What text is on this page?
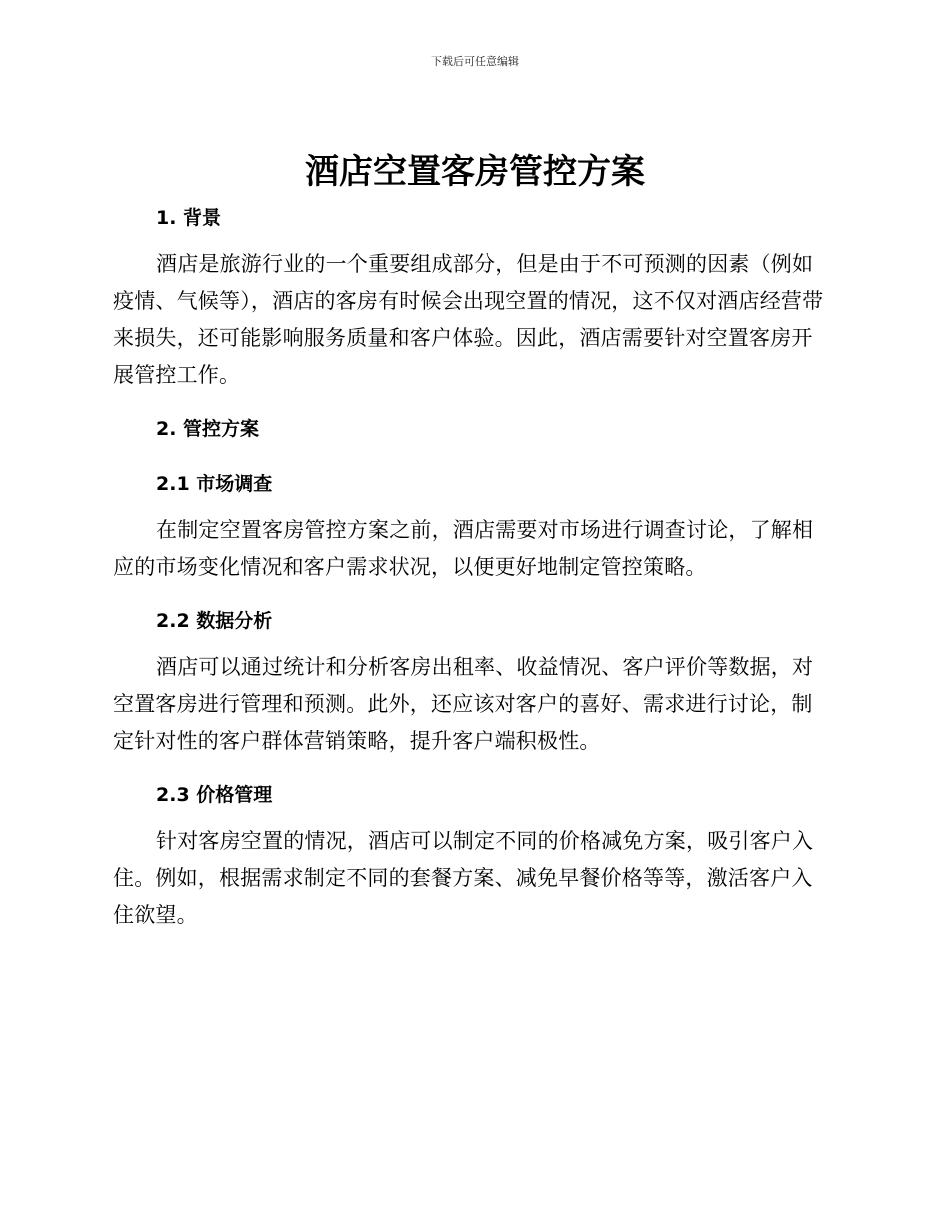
下载后可任意编辑
酒店空置客房管控方案
1. 背景

酒店是旅游行业的一个重要组成部分，但是由于不可预测的因素（例如疫情、气候等），酒店的客房有时候会出现空置的情况，这不仅对酒店经营带来损失，还可能影响服务质量和客户体验。因此，酒店需要针对空置客房开展管控工作。

2. 管控方案
2.1 市场调查

在制定空置客房管控方案之前，酒店需要对市场进行调查讨论，了解相应的市场变化情况和客户需求状况，以便更好地制定管控策略。

2.2 数据分析

酒店可以通过统计和分析客房出租率、收益情况、客户评价等数据，对空置客房进行管理和预测。此外，还应该对客户的喜好、需求进行讨论，制定针对性的客户群体营销策略，提升客户端积极性。

2.3 价格管理

针对客房空置的情况，酒店可以制定不同的价格减免方案，吸引客户入住。例如，根据需求制定不同的套餐方案、减免早餐价格等等，激活客户入住欲望。
